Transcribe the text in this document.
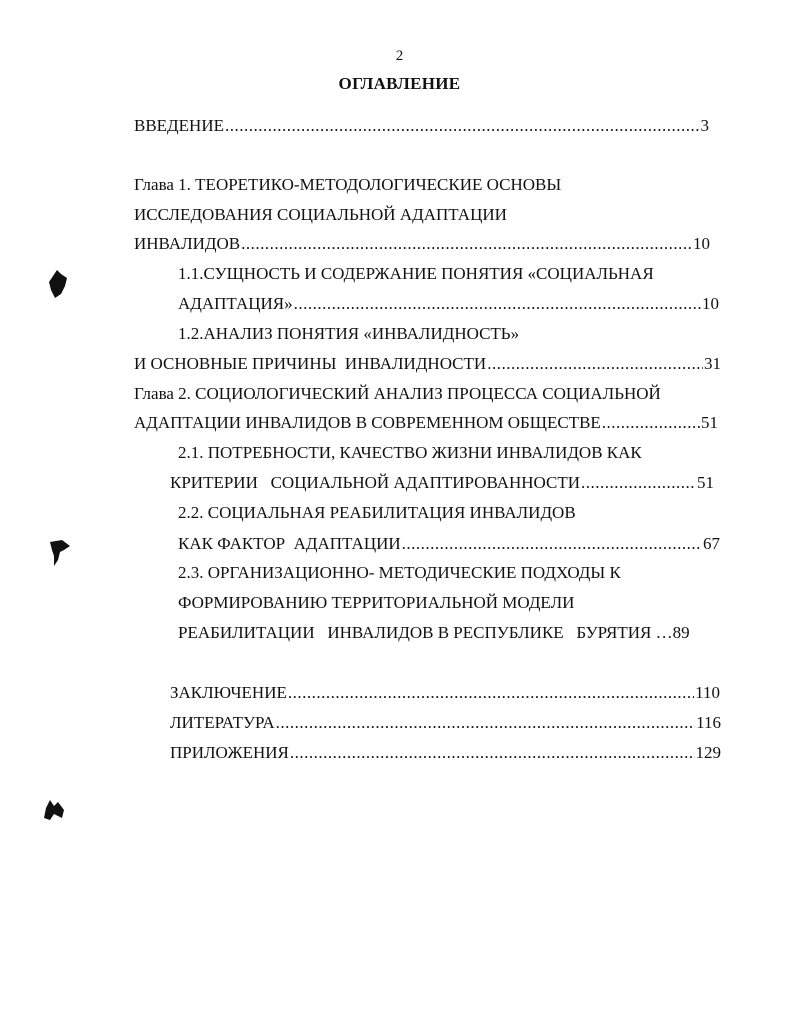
2
ОГЛАВЛЕНИЕ
ВВЕДЕНИЕ .....	3
Глава 1. ТЕОРЕТИКО-МЕТОДОЛОГИЧЕСКИЕ ОСНОВЫ
ИССЛЕДОВАНИЯ СОЦИАЛЬНОЙ АДАПТАЦИИ
ИНВАЛИДОВ .....	10
1.1.СУЩНОСТЬ И СОДЕРЖАНИЕ ПОНЯТИЯ «СОЦИАЛЬНАЯ
АДАПТАЦИЯ» .....	10
1.2.АНАЛИЗ ПОНЯТИЯ «ИНВАЛИДНОСТЬ»
И ОСНОВНЫЕ ПРИЧИНЫ  ИНВАЛИДНОСТИ .....	31
Глава 2. СОЦИОЛОГИЧЕСКИЙ АНАЛИЗ ПРОЦЕССА СОЦИАЛЬНОЙ
АДАПТАЦИИ ИНВАЛИДОВ В СОВРЕМЕННОМ ОБЩЕСТВЕ .....	51
2.1. ПОТРЕБНОСТИ, КАЧЕСТВО ЖИЗНИ ИНВАЛИДОВ КАК
КРИТЕРИИ   СОЦИАЛЬНОЙ АДАПТИРОВАННОСТИ .....	51
2.2. СОЦИАЛЬНАЯ РЕАБИЛИТАЦИЯ ИНВАЛИДОВ
КАК ФАКТОР  АДАПТАЦИИ .....	67
2.3. ОРГАНИЗАЦИОННО- МЕТОДИЧЕСКИЕ ПОДХОДЫ К
ФОРМИРОВАНИЮ ТЕРРИТОРИАЛЬНОЙ МОДЕЛИ
РЕАБИЛИТАЦИИ   ИНВАЛИДОВ В РЕСПУБЛИКЕ   БУРЯТИЯ … 89
ЗАКЛЮЧЕНИЕ .....	110
ЛИТЕРАТУРА .....	116
ПРИЛОЖЕНИЯ .....	129
